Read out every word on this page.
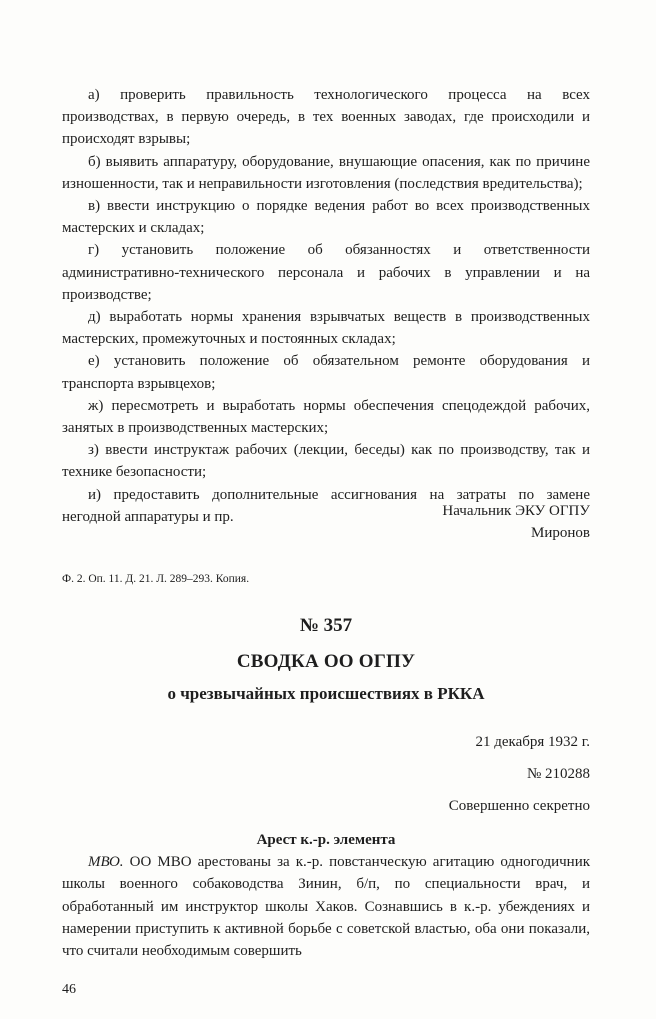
а) проверить правильность технологического процесса на всех производствах, в первую очередь, в тех военных заводах, где происходили и происходят взрывы;

б) выявить аппаратуру, оборудование, внушающие опасения, как по причине изношенности, так и неправильности изготовления (последствия вредительства);

в) ввести инструкцию о порядке ведения работ во всех производственных мастерских и складах;

г) установить положение об обязанностях и ответственности административно-технического персонала и рабочих в управлении и на производстве;

д) выработать нормы хранения взрывчатых веществ в производственных мастерских, промежуточных и постоянных складах;

е) установить положение об обязательном ремонте оборудования и транспорта взрывцехов;

ж) пересмотреть и выработать нормы обеспечения спецодеждой рабочих, занятых в производственных мастерских;

з) ввести инструктаж рабочих (лекции, беседы) как по производству, так и технике безопасности;

и) предоставить дополнительные ассигнования на затраты по замене негодной аппаратуры и пр.	Начальник ЭКУ ОГПУ

Миронов

Ф. 2. Оп. 11. Д. 21. Л. 289–293. Копия.

№ 357

СВОДКА ОО ОГПУ

о чрезвычайных происшествиях в РККА

21 декабря 1932 г.

№ 210288

Совершенно секретно

Арест к.-р. элемента

МВО. ОО МВО арестованы за к.-р. повстанческую агитацию одногодичник школы военного собаководства Зинин, б/п, по специальности врач, и обработанный им инструктор школы Хаков. Сознавшись в к.-р. убеждениях и намерении приступить к активной борьбе с советской властью, оба они показали, что считали необходимым совершить

46
